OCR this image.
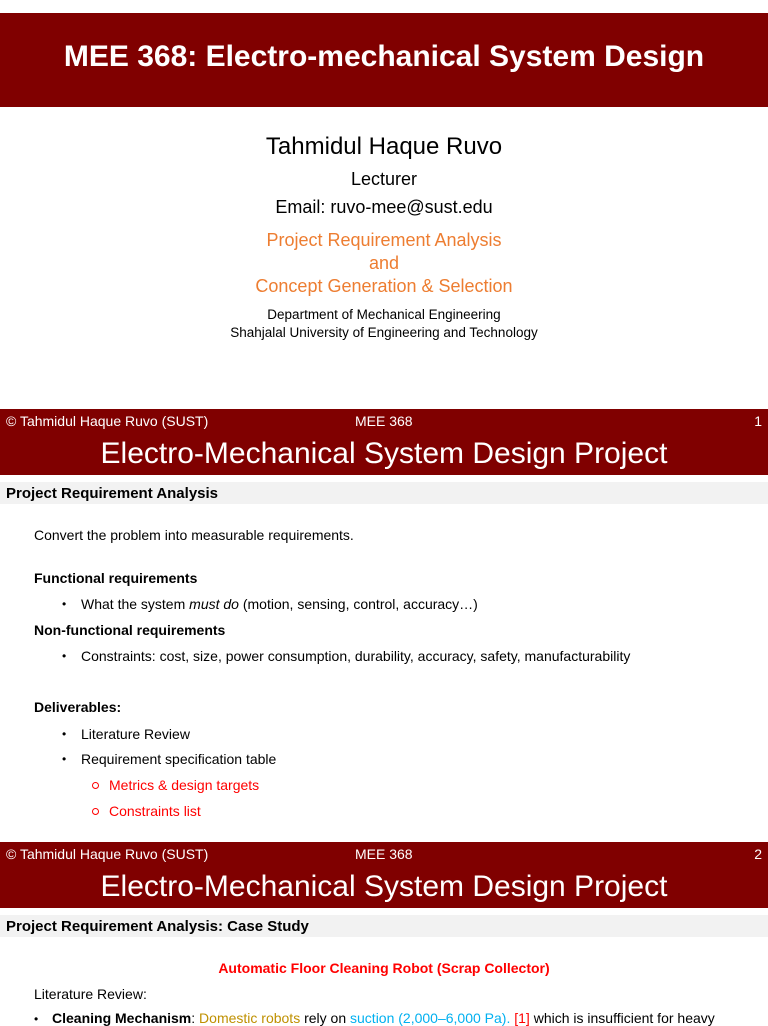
MEE 368: Electro-mechanical System Design
Tahmidul Haque Ruvo
Lecturer
Email: ruvo-mee@sust.edu
Project Requirement Analysis
and
Concept Generation & Selection
Department of Mechanical Engineering
Shahjalal University of Engineering and Technology
© Tahmidul Haque Ruvo (SUST)	MEE 368	1
Electro-Mechanical System Design Project
Project Requirement Analysis
Convert the problem into measurable requirements.
Functional requirements
• What the system must do (motion, sensing, control, accuracy…)
Non-functional requirements
• Constraints: cost, size, power consumption, durability, accuracy, safety, manufacturability
Deliverables:
• Literature Review
• Requirement specification table
Metrics & design targets
Constraints list
© Tahmidul Haque Ruvo (SUST)	MEE 368	2
Electro-Mechanical System Design Project
Project Requirement Analysis: Case Study
Automatic Floor Cleaning Robot (Scrap Collector)
Literature Review:
• Cleaning Mechanism: Domestic robots rely on suction (2,000–6,000 Pa). [1] which is insufficient for heavy
